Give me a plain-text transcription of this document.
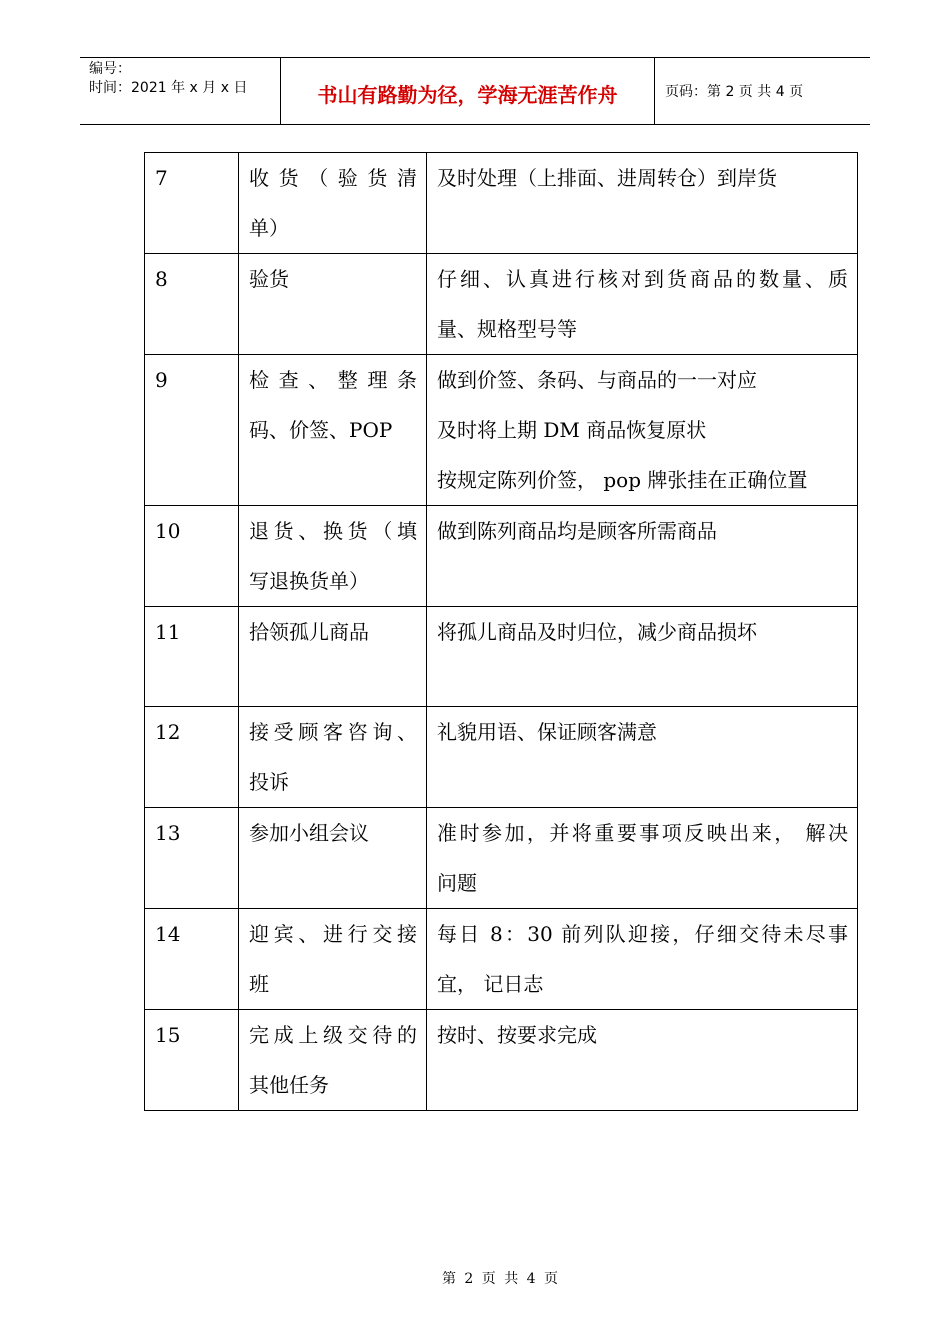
编号：
时间：2021 年 x 月 x 日	书山有路勤为径，学海无涯苦作舟	页码：第 2 页 共 4 页
7	收货（验货清
单）	及时处理（上排面、进周转仓）到岸货

8	验货	仔细、认真进行核对到货商品的数量、质
量、规格型号等

9	检查、整理条
码、价签、POP	做到价签、条码、与商品的一一对应
及时将上期 DM 商品恢复原状
按规定陈列价签， pop 牌张挂在正确位置

10	退货、换货（填
写退换货单）	做到陈列商品均是顾客所需商品

11	拾领孤儿商品	将孤儿商品及时归位，减少商品损坏

12	接受顾客咨询、
投诉	礼貌用语、保证顾客满意

13	参加小组会议	准时参加，并将重要事项反映出来， 解决
问题

14	迎宾、进行交接
班	每日 8：30 前列队迎接，仔细交待未尽事
宜， 记日志

15	完成上级交待的
其他任务	按时、按要求完成
第 2 页 共 4 页
